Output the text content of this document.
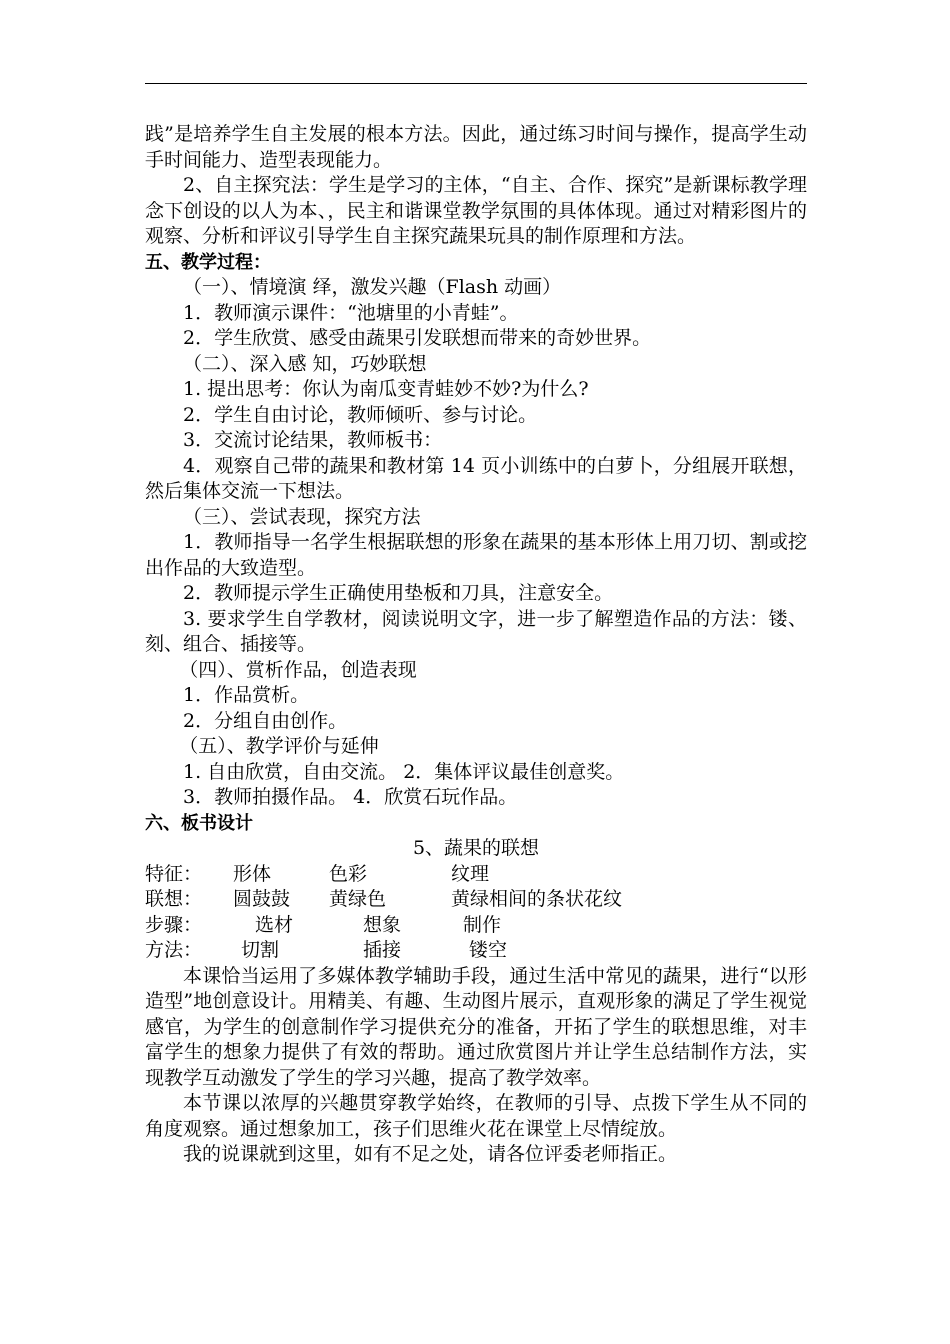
践”是培养学生自主发展的根本方法。因此，通过练习时间与操作，提高学生动手时间能力、造型表现能力。

2、自主探究法：学生是学习的主体，“自主、合作、探究”是新课标教学理念下创设的以人为本、，民主和谐课堂教学氛围的具体体现。通过对精彩图片的观察、分析和评议引导学生自主探究蔬果玩具的制作原理和方法。

五、教学过程：

（一）、情境演 绎，激发兴趣（Flash 动画）

1．教师演示课件：“池塘里的小青蛙”。

2．学生欣赏、感受由蔬果引发联想而带来的奇妙世界。

（二）、深入感 知，巧妙联想

1. 提出思考：你认为南瓜变青蛙妙不妙?为什么?

2．学生自由讨论，教师倾听、参与讨论。

3．交流讨论结果，教师板书：

4．观察自己带的蔬果和教材第 14 页小训练中的白萝卜，分组展开联想，然后集体交流一下想法。

（三）、尝试表现，探究方法

1．教师指导一名学生根据联想的形象在蔬果的基本形体上用刀切、割或挖出作品的大致造型。

2．教师提示学生正确使用垫板和刀具，注意安全。

3. 要求学生自学教材，阅读说明文字，进一步了解塑造作品的方法：镂、刻、组合、插接等。

（四）、赏析作品，创造表现

1．作品赏析。

2．分组自由创作。

（五）、教学评价与延伸

1. 自由欣赏，自由交流。 2．集体评议最佳创意奖。

3．教师拍摄作品。 4．欣赏石玩作品。

六、板书设计

5、蔬果的联想

特征：	形体	色彩	纹理
联想：	圆鼓鼓	黄绿色	黄绿相间的条状花纹
步骤：	选材	想象	制作
方法：	切割	插接	镂空

本课恰当运用了多媒体教学辅助手段，通过生活中常见的蔬果，进行“以形造型”地创意设计。用精美、有趣、生动图片展示，直观形象的满足了学生视觉感官，为学生的创意制作学习提供充分的准备，开拓了学生的联想思维，对丰富学生的想象力提供了有效的帮助。通过欣赏图片并让学生总结制作方法，实现教学互动激发了学生的学习兴趣，提高了教学效率。

本节课以浓厚的兴趣贯穿教学始终，在教师的引导、点拨下学生从不同的角度观察。通过想象加工，孩子们思维火花在课堂上尽情绽放。

我的说课就到这里，如有不足之处，请各位评委老师指正。
